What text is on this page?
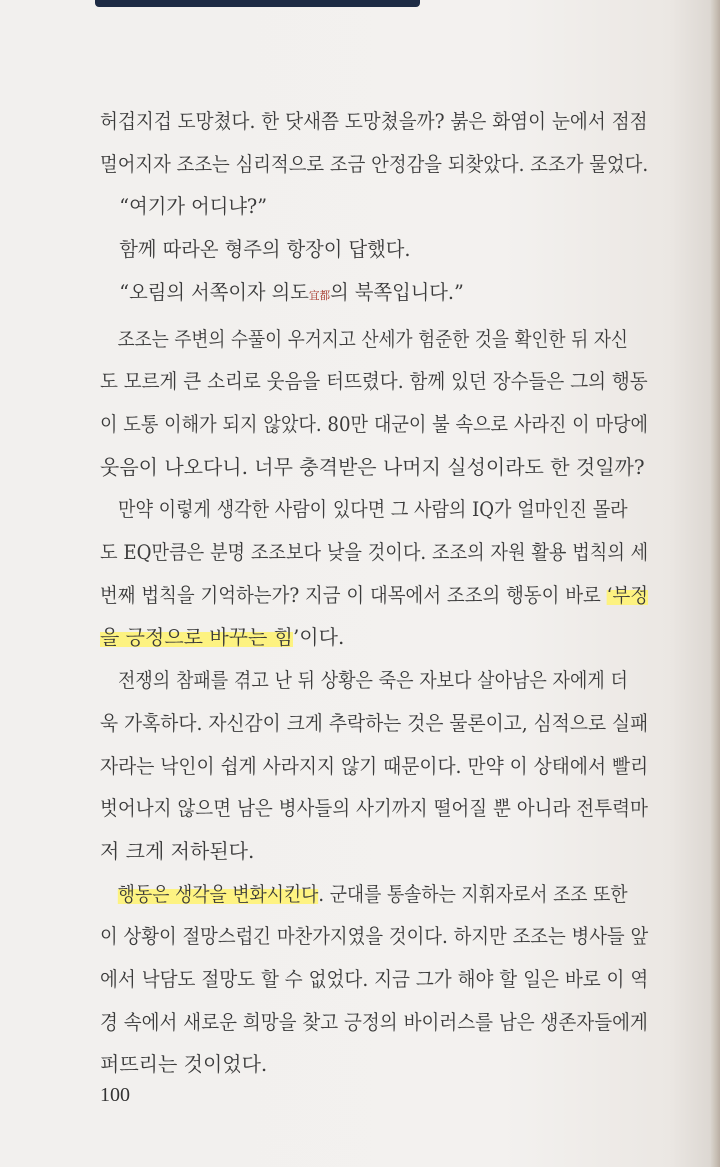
허겁지겁 도망쳤다. 한 닷새쯤 도망쳤을까? 붉은 화염이 눈에서 점점
멀어지자 조조는 심리적으로 조금 안정감을 되찾았다. 조조가 물었다.

“여기가 어디냐?”

함께 따라온 형주의 항장이 답했다.

“오림의 서쪽이자 의도宜都의 북쪽입니다.”

조조는 주변의 수풀이 우거지고 산세가 험준한 것을 확인한 뒤 자신
도 모르게 큰 소리로 웃음을 터뜨렸다. 함께 있던 장수들은 그의 행동
이 도통 이해가 되지 않았다. 80만 대군이 불 속으로 사라진 이 마당에
웃음이 나오다니. 너무 충격받은 나머지 실성이라도 한 것일까?

만약 이렇게 생각한 사람이 있다면 그 사람의 IQ가 얼마인진 몰라
도 EQ만큼은 분명 조조보다 낮을 것이다. 조조의 자원 활용 법칙의 세
번째 법칙을 기억하는가? 지금 이 대목에서 조조의 행동이 바로 ‘부정
을 긍정으로 바꾸는 힘’이다.

전쟁의 참패를 겪고 난 뒤 상황은 죽은 자보다 살아남은 자에게 더
욱 가혹하다. 자신감이 크게 추락하는 것은 물론이고, 심적으로 실패
자라는 낙인이 쉽게 사라지지 않기 때문이다. 만약 이 상태에서 빨리
벗어나지 않으면 남은 병사들의 사기까지 떨어질 뿐 아니라 전투력마
저 크게 저하된다.

행동은 생각을 변화시킨다. 군대를 통솔하는 지휘자로서 조조 또한
이 상황이 절망스럽긴 마찬가지였을 것이다. 하지만 조조는 병사들 앞
에서 낙담도 절망도 할 수 없었다. 지금 그가 해야 할 일은 바로 이 역
경 속에서 새로운 희망을 찾고 긍정의 바이러스를 남은 생존자들에게
퍼뜨리는 것이었다.

100
